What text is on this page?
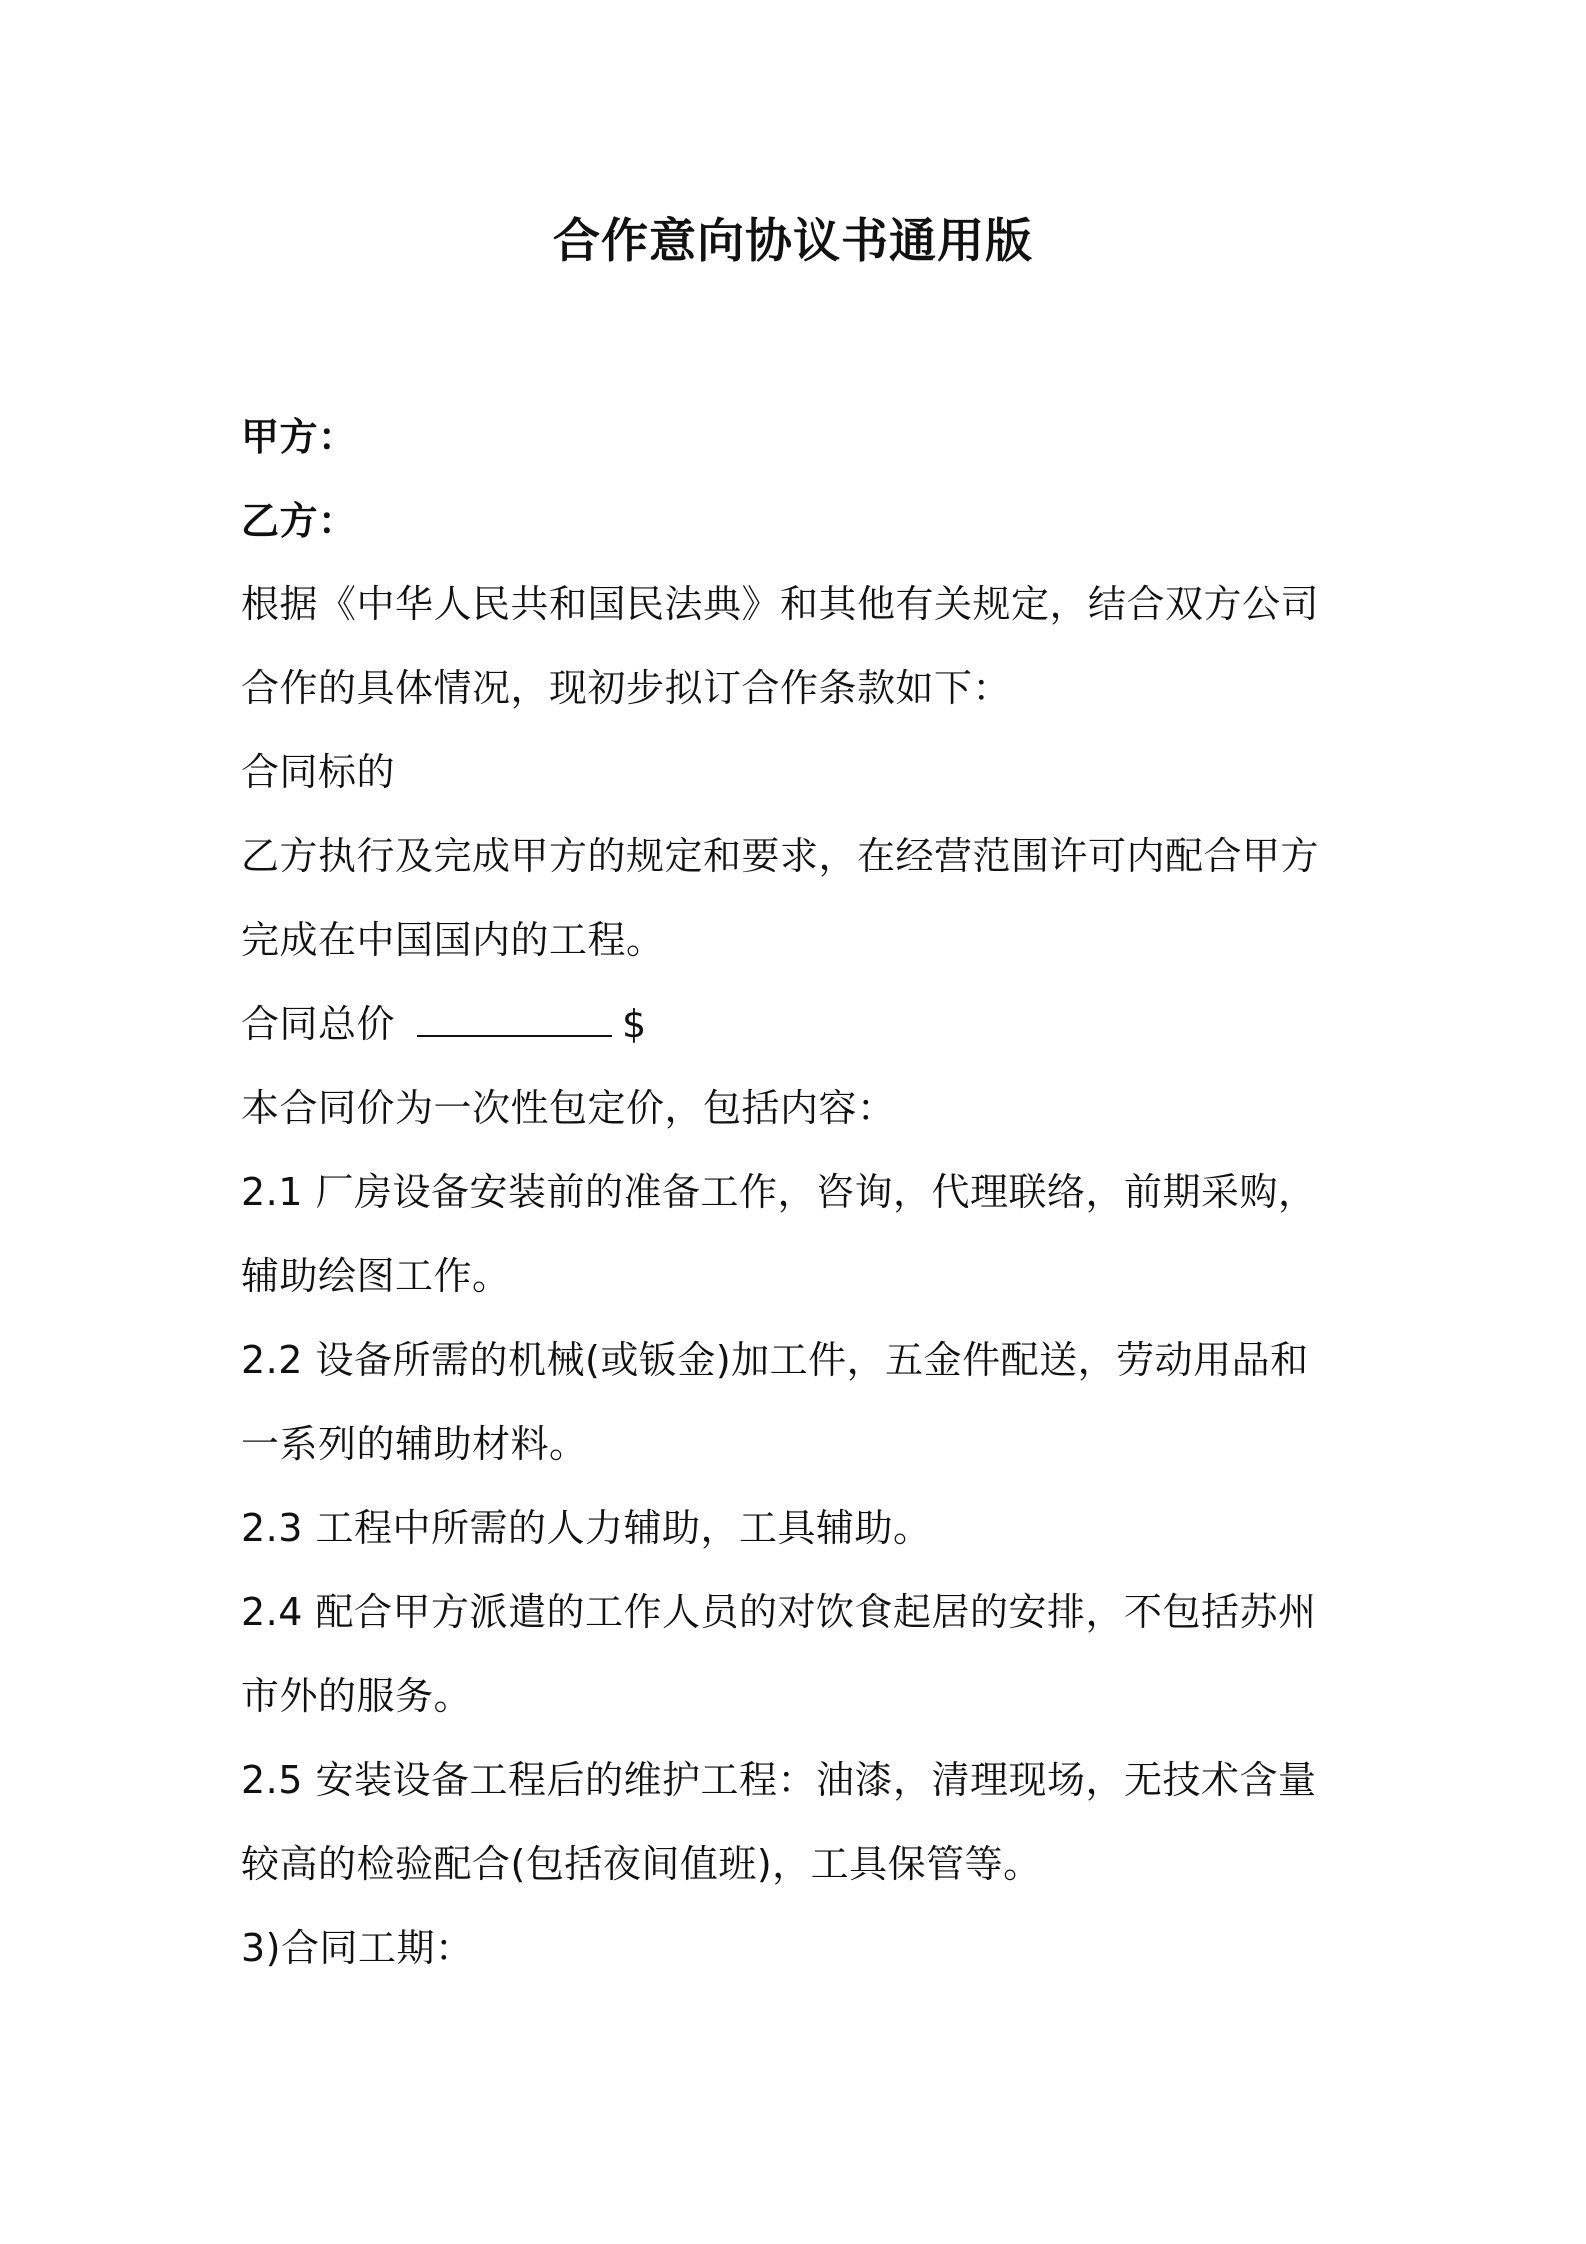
合作意向协议书通用版
甲方：
乙方：
根据《中华人民共和国民法典》和其他有关规定，结合双方公司
合作的具体情况，现初步拟订合作条款如下：
合同标的
乙方执行及完成甲方的规定和要求，在经营范围许可内配合甲方
完成在中国国内的工程。
合同总价	$
本合同价为一次性包定价，包括内容：
2.1 厂房设备安装前的准备工作，咨询，代理联络，前期采购，
辅助绘图工作。
2.2 设备所需的机械(或钣金)加工件，五金件配送，劳动用品和
一系列的辅助材料。
2.3 工程中所需的人力辅助，工具辅助。
2.4 配合甲方派遣的工作人员的对饮食起居的安排，不包括苏州
市外的服务。
2.5 安装设备工程后的维护工程：油漆，清理现场，无技术含量
较高的检验配合(包括夜间值班)，工具保管等。
3)合同工期：
